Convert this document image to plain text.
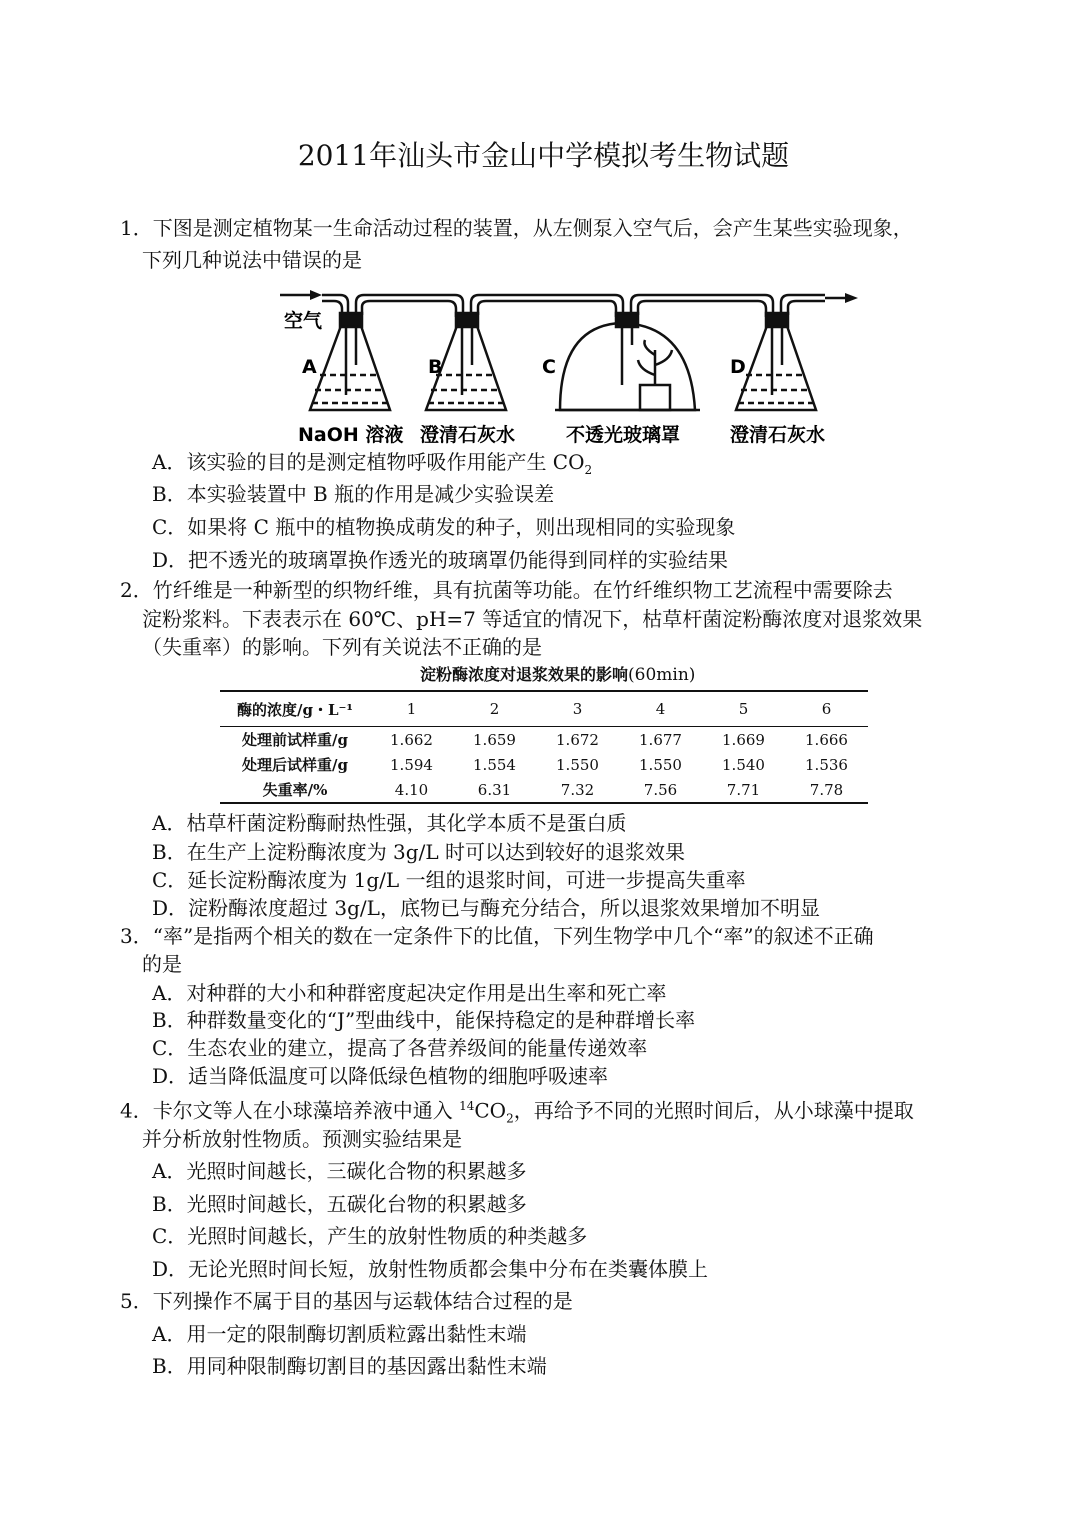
2011年汕头市金山中学模拟考生物试题
1．下图是测定植物某一生命活动过程的装置，从左侧泵入空气后，会产生某些实验现象，
下列几种说法中错误的是
空气
A	B	C	D
NaOH 溶液 澄清石灰水	不透光玻璃罩	澄清石灰水
A．该实验的目的是测定植物呼吸作用能产生 $CO_2$
B．本实验装置中 B 瓶的作用是减少实验误差
C．如果将 C 瓶中的植物换成萌发的种子，则出现相同的实验现象
D．把不透光的玻璃罩换作透光的玻璃罩仍能得到同样的实验结果
2．竹纤维是一种新型的织物纤维，具有抗菌等功能。在竹纤维织物工艺流程中需要除去
淀粉浆料。下表表示在 60℃、pH=7 等适宜的情况下，枯草杆菌淀粉酶浓度对退浆效果
（失重率）的影响。下列有关说法不正确的是
淀粉酶浓度对退浆效果的影响(60min)
酶的浓度/g・L⁻¹	1	2	3	4	5	6
处理前试样重/g	1.662	1.659	1.672	1.677	1.669	1.666
处理后试样重/g	1.594	1.554	1.550	1.550	1.540	1.536
失重率/%	4.10	6.31	7.32	7.56	7.71	7.78
A．枯草杆菌淀粉酶耐热性强，其化学本质不是蛋白质
B．在生产上淀粉酶浓度为 3g/L 时可以达到较好的退浆效果
C．延长淀粉酶浓度为 1g/L 一组的退浆时间，可进一步提高失重率
D．淀粉酶浓度超过 3g/L，底物已与酶充分结合，所以退浆效果增加不明显
3．“率”是指两个相关的数在一定条件下的比值，下列生物学中几个“率”的叙述不正确
的是
A．对种群的大小和种群密度起决定作用是出生率和死亡率
B．种群数量变化的“J”型曲线中，能保持稳定的是种群增长率
C．生态农业的建立，提高了各营养级间的能量传递效率
D．适当降低温度可以降低绿色植物的细胞呼吸速率
4．卡尔文等人在小球藻培养液中通入 $^{14}CO_2$，再给予不同的光照时间后，从小球藻中提取
并分析放射性物质。预测实验结果是
A．光照时间越长，三碳化合物的积累越多
B．光照时间越长，五碳化台物的积累越多
C．光照时间越长，产生的放射性物质的种类越多
D．无论光照时间长短，放射性物质都会集中分布在类囊体膜上
5．下列操作不属于目的基因与运载体结合过程的是
A．用一定的限制酶切割质粒露出黏性末端
B．用同种限制酶切割目的基因露出黏性末端
